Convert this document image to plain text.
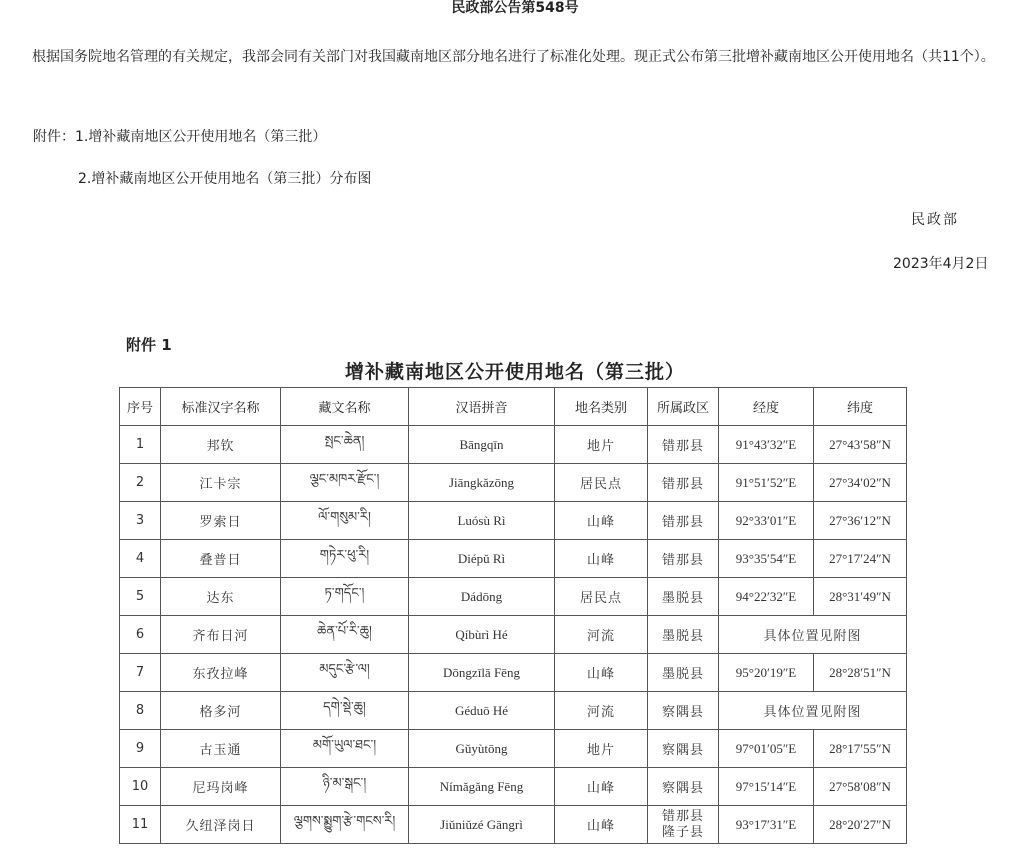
民政部公告第548号

根据国务院地名管理的有关规定，我部会同有关部门对我国藏南地区部分地名进行了标准化处理。现正式公布第三批增补藏南地区公开使用地名（共11个）。

附件：1.增补藏南地区公开使用地名（第三批）
2.增补藏南地区公开使用地名（第三批）分布图
民政部
2023年4月2日
附件 1
增补藏南地区公开使用地名（第三批）
序号	标准汉字名称	藏文名称	汉语拼音	地名类别	所属政区	经度	纬度
1	邦钦	སྤང་ཆེན།	Bāngqīn	地片	错那县	91°43′32″E	27°43′58″N
2	江卡宗	ལྕང་མཁར་རྫོང་།	Jiāngkǎzōng	居民点	错那县	91°51′52″E	27°34′02″N
3	罗索日	ལོ་གསུམ་རི།	Luósù Rì	山峰	错那县	92°33′01″E	27°36′12″N
4	叠普日	གཏེར་ཕུ་རི།	Diépǔ Rì	山峰	错那县	93°35′54″E	27°17′24″N
5	达东	ཏ་གདོང་།	Dádōng	居民点	墨脱县	94°22′32″E	28°31′49″N
6	齐布日河	ཆེན་པོ་རི་ཆུ།	Qíbùrì Hé	河流	墨脱县	具体位置见附图	
7	东孜拉峰	མདུང་རྩེ་ལ།	Dōngzīlā Fēng	山峰	墨脱县	95°20′19″E	28°28′51″N
8	格多河	དགེ་སྡེ་ཆུ།	Géduō Hé	河流	察隅县	具体位置见附图	
9	古玉通	མགོ་ཡུལ་ཐང་།	Gǔyùtōng	地片	察隅县	97°01′05″E	28°17′55″N
10	尼玛岗峰	ཉི་མ་སྒང་།	Nímǎgǎng Fēng	山峰	察隅县	97°15′14″E	27°58′08″N
11	久纽泽岗日	ལྕགས་སྨྱུག་རྩེ་གངས་རི།	Jiǔniǔzé Gāngrì	山峰	错那县
隆子县	93°17′31″E	28°20′27″N
